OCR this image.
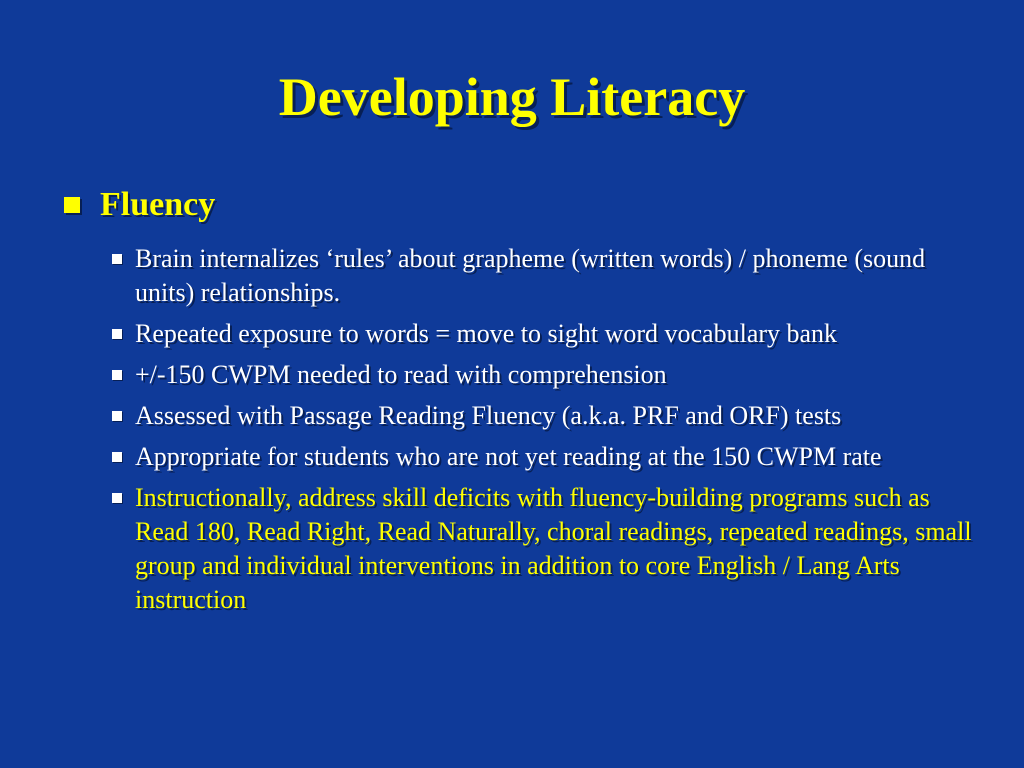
Developing Literacy
Fluency
Brain internalizes ‘rules’ about grapheme (written words) / phoneme (sound units) relationships.
Repeated exposure to words = move to sight word vocabulary bank
+/-150 CWPM needed to read with comprehension
Assessed with Passage Reading Fluency (a.k.a. PRF and ORF) tests
Appropriate for students who are not yet reading at the 150 CWPM rate
Instructionally, address skill deficits with fluency-building programs such as Read 180, Read Right, Read Naturally, choral readings, repeated readings, small group and individual interventions in addition to core English / Lang Arts instruction
